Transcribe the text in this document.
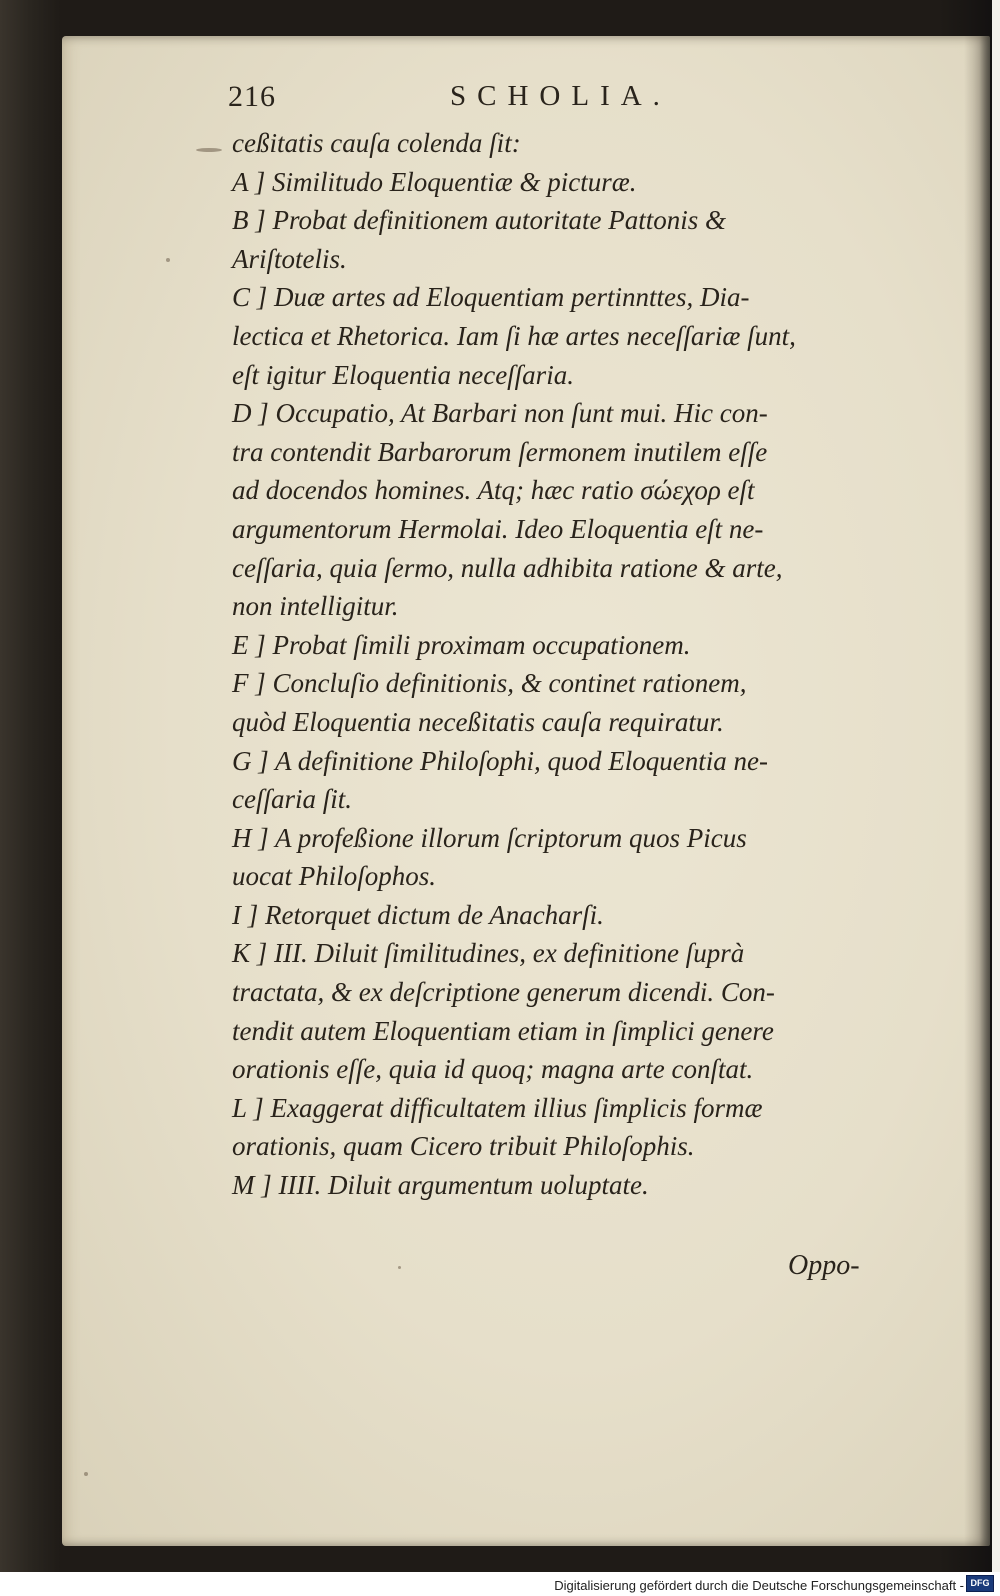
216	SCHOLIA.
ceßitatis cauſa colenda ſit:
A ] Similitudo Eloquentiæ & picturæ.
B ] Probat definitionem autoritate Pattonis &
Ariſtotelis.
C ] Duæ artes ad Eloquentiam pertinnttes, Dia-
lectica et Rhetorica. Iam ſi hæ artes neceſſariæ ſunt,
eſt igitur Eloquentia neceſſaria.
D ] Occupatio, At Barbari non ſunt mui. Hic con-
tra contendit Barbarorum ſermonem inutilem eſſe
ad docendos homines. Atq; hæc ratio σώεχορ eſt
argumentorum Hermolai. Ideo Eloquentia eſt ne-
ceſſaria, quia ſermo, nulla adhibita ratione & arte,
non intelligitur.
E ] Probat ſimili proximam occupationem.
F ] Concluſio definitionis, & continet rationem,
quòd Eloquentia neceßitatis cauſa requiratur.
G ] A definitione Philoſophi, quod Eloquentia ne-
ceſſaria ſit.
H ] A profeßione illorum ſcriptorum quos Picus
uocat Philoſophos.
I ] Retorquet dictum de Anacharſi.
K ] III. Diluit ſimilitudines, ex definitione ſuprà
tractata, & ex deſcriptione generum dicendi. Con-
tendit autem Eloquentiam etiam in ſimplici genere
orationis eſſe, quia id quoq; magna arte conſtat.
L ] Exaggerat difficultatem illius ſimplicis formæ
orationis, quam Cicero tribuit Philoſophis.
M ] IIII. Diluit argumentum uoluptate.
Oppo-
Digitalisierung gefördert durch die Deutsche Forschungsgemeinschaft - DFG
